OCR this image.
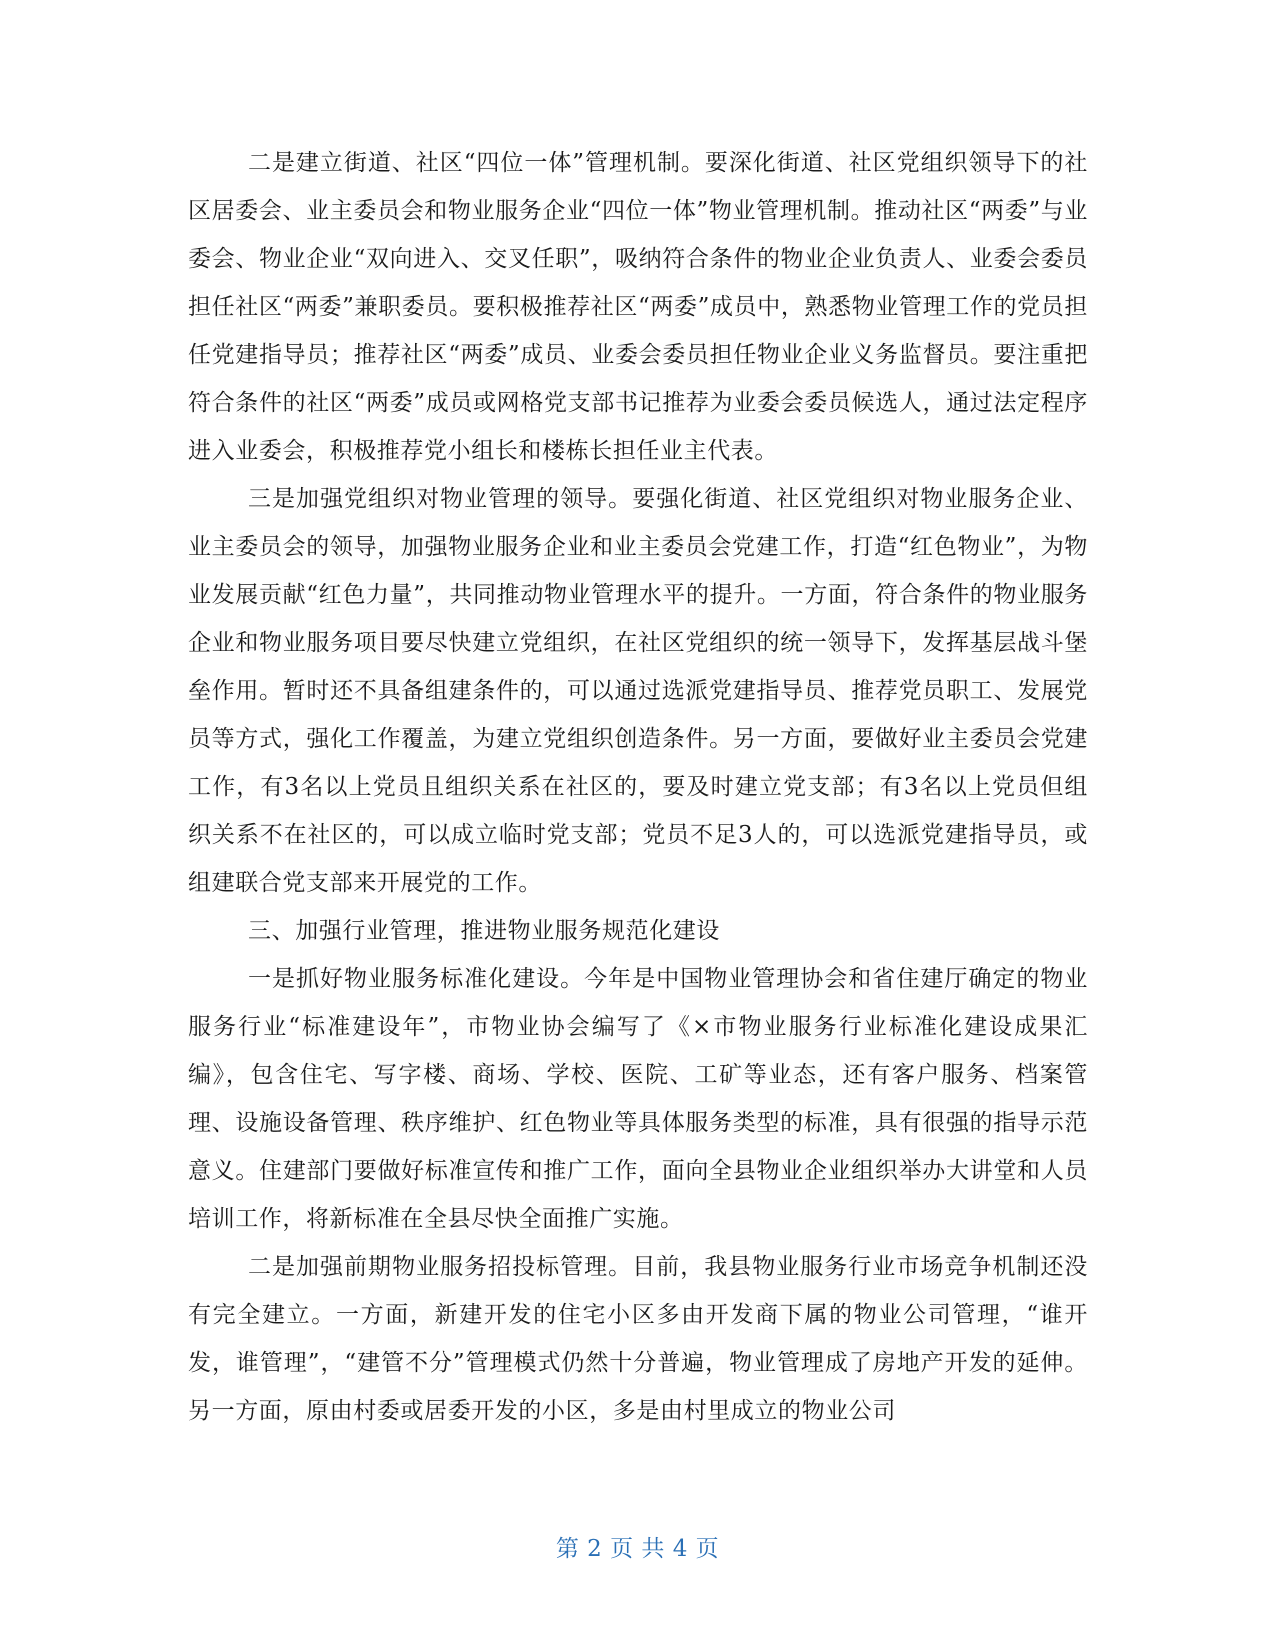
二是建立街道、社区“四位一体”管理机制。要深化街道、社区党组织领导下的社区居委会、业主委员会和物业服务企业“四位一体”物业管理机制。推动社区“两委”与业委会、物业企业“双向进入、交叉任职”，吸纳符合条件的物业企业负责人、业委会委员担任社区“两委”兼职委员。要积极推荐社区“两委”成员中，熟悉物业管理工作的党员担任党建指导员；推荐社区“两委”成员、业委会委员担任物业企业义务监督员。要注重把符合条件的社区“两委”成员或网格党支部书记推荐为业委会委员候选人，通过法定程序进入业委会，积极推荐党小组长和楼栋长担任业主代表。

三是加强党组织对物业管理的领导。要强化街道、社区党组织对物业服务企业、业主委员会的领导，加强物业服务企业和业主委员会党建工作，打造“红色物业”，为物业发展贡献“红色力量”，共同推动物业管理水平的提升。一方面，符合条件的物业服务企业和物业服务项目要尽快建立党组织，在社区党组织的统一领导下，发挥基层战斗堡垒作用。暂时还不具备组建条件的，可以通过选派党建指导员、推荐党员职工、发展党员等方式，强化工作覆盖，为建立党组织创造条件。另一方面，要做好业主委员会党建工作，有3名以上党员且组织关系在社区的，要及时建立党支部；有3名以上党员但组织关系不在社区的，可以成立临时党支部；党员不足3人的，可以选派党建指导员，或组建联合党支部来开展党的工作。

三、加强行业管理，推进物业服务规范化建设

一是抓好物业服务标准化建设。今年是中国物业管理协会和省住建厅确定的物业服务行业“标准建设年”，市物业协会编写了《×市物业服务行业标准化建设成果汇编》，包含住宅、写字楼、商场、学校、医院、工矿等业态，还有客户服务、档案管理、设施设备管理、秩序维护、红色物业等具体服务类型的标准，具有很强的指导示范意义。住建部门要做好标准宣传和推广工作，面向全县物业企业组织举办大讲堂和人员培训工作，将新标准在全县尽快全面推广实施。

二是加强前期物业服务招投标管理。目前，我县物业服务行业市场竞争机制还没有完全建立。一方面，新建开发的住宅小区多由开发商下属的物业公司管理，“谁开发，谁管理”，“建管不分”管理模式仍然十分普遍，物业管理成了房地产开发的延伸。另一方面，原由村委或居委开发的小区，多是由村里成立的物业公司

第 2 页 共 4 页
